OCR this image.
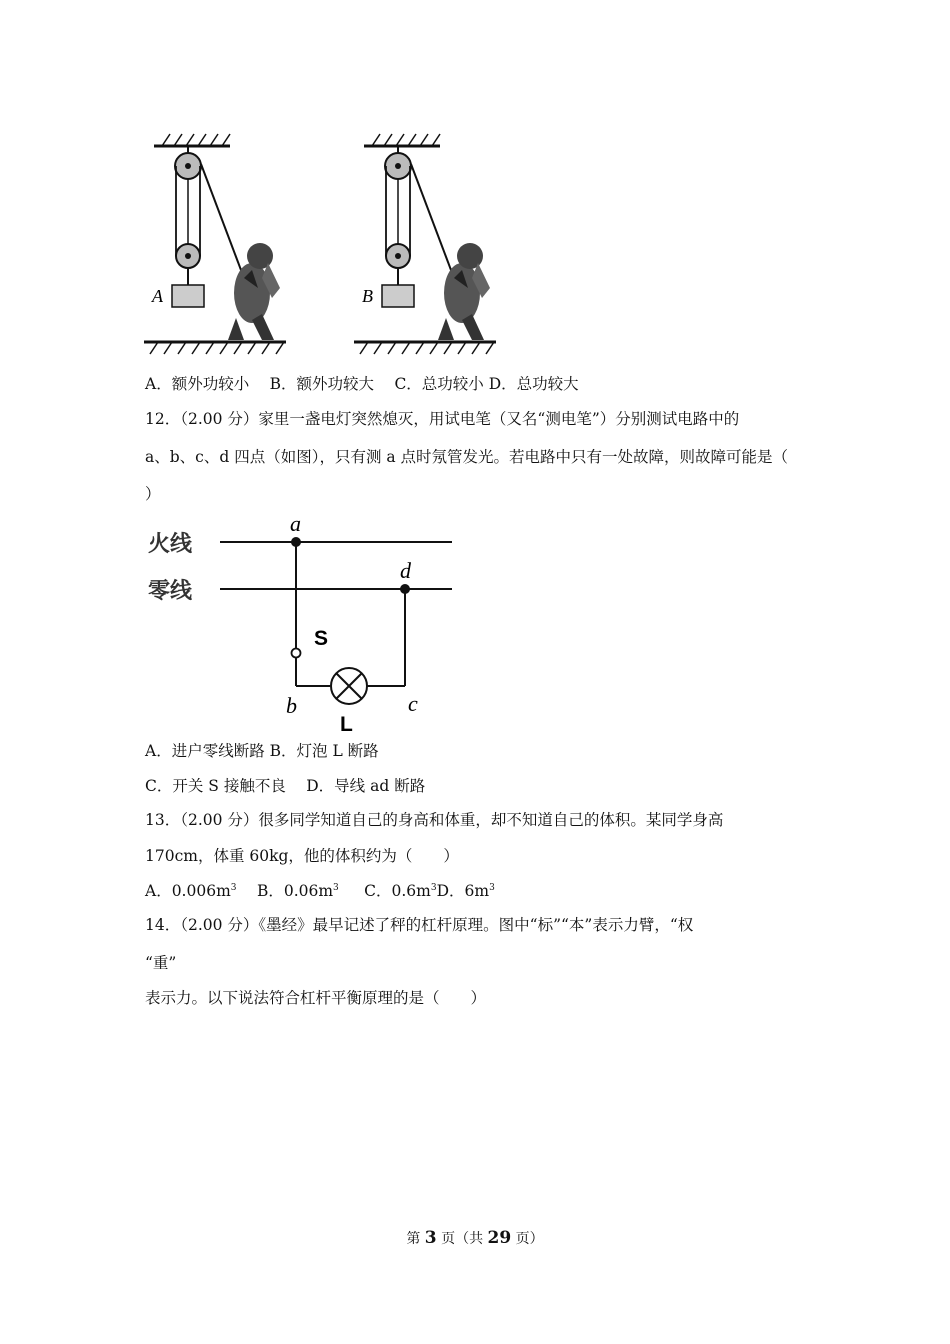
A	B
A．额外功较小　 B．额外功较大　 C．总功较小 D．总功较大
12．（2.00 分）家里一盏电灯突然熄灭，用试电笔（又名“测电笔”）分别测试电路中的
a、b、c、d 四点（如图），只有测 a 点时氖管发光。若电路中只有一处故障，则故障可能是（
）
火线
零线
a
d
S
b	c
L
A．进户零线断路 B．灯泡 L 断路
C．开关 S 接触不良　 D．导线 ad 断路
13．（2.00 分）很多同学知道自己的身高和体重，却不知道自己的体积。某同学身高
170cm，体重 60kg，他的体积约为（　　）
A．$0.006m^3$ 　B．$0.06m^3$ 　 C．$0.6m^3D$．$6m^3$
14．（2.00 分）《墨经》最早记述了秤的杠杆原理。图中“标”“本”表示力臂，“权
“重”
表示力。以下说法符合杠杆平衡原理的是（　　）
第 3 页（共 29 页）
